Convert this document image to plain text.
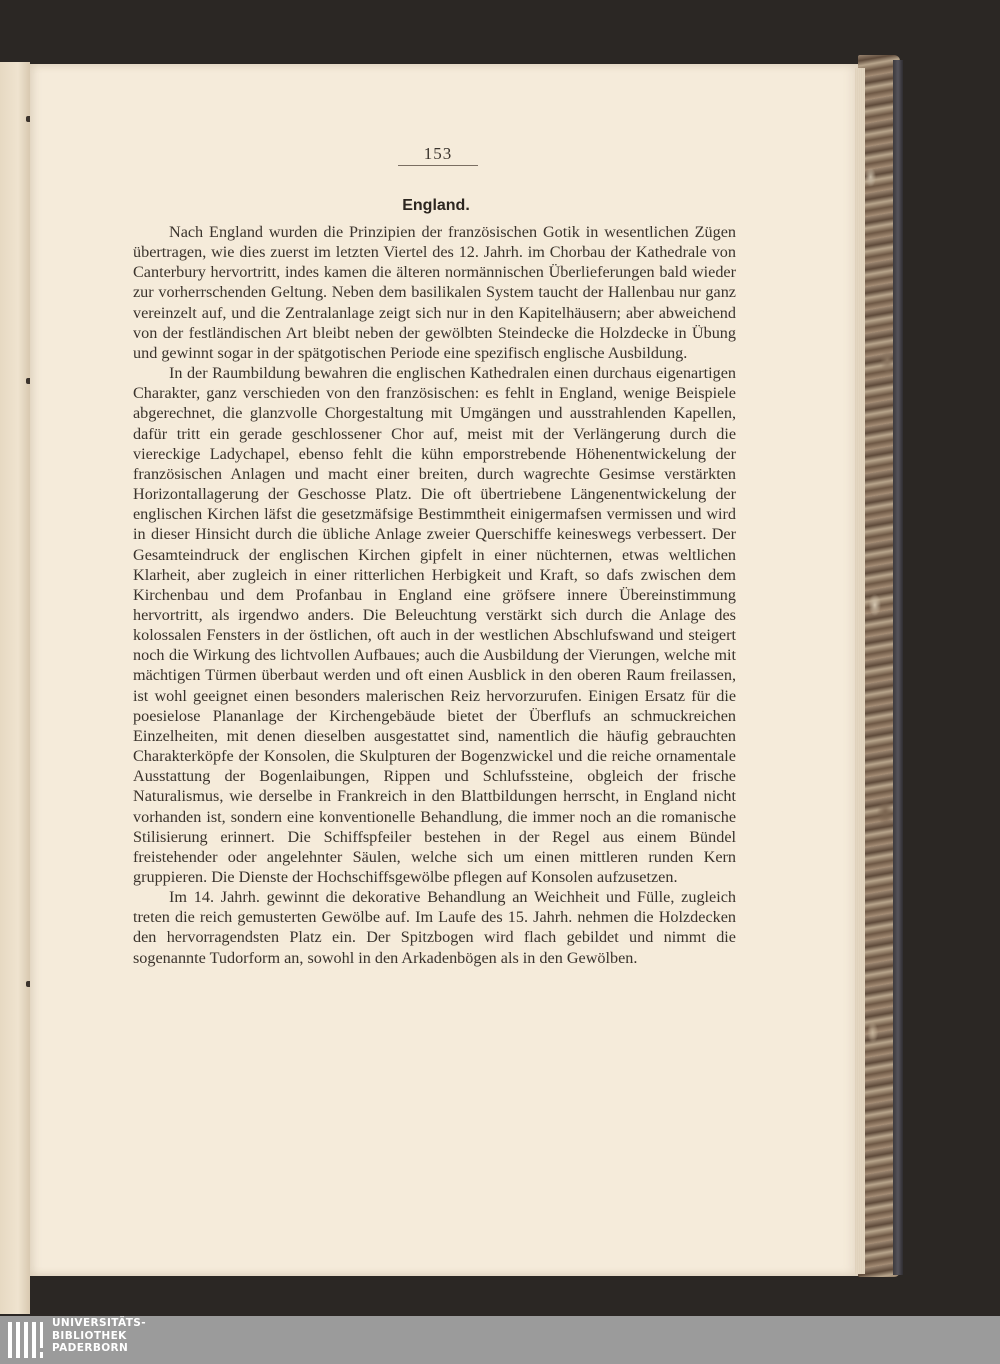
153
England.

Nach England wurden die Prinzipien der französischen Gotik in wesentlichen Zügen übertragen, wie dies zuerst im letzten Viertel des 12. Jahrh. im Chorbau der Kathedrale von Canterbury hervortritt, indes kamen die älteren normännischen Überlieferungen bald wieder zur vorherrschenden Geltung. Neben dem basilikalen System taucht der Hallenbau nur ganz vereinzelt auf, und die Zentralanlage zeigt sich nur in den Kapitelhäusern; aber abweichend von der festländischen Art bleibt neben der gewölbten Steindecke die Holzdecke in Übung und gewinnt sogar in der spätgotischen Periode eine spezifisch englische Ausbildung.

In der Raumbildung bewahren die englischen Kathedralen einen durchaus eigenartigen Charakter, ganz verschieden von den französischen: es fehlt in England, wenige Beispiele abgerechnet, die glanzvolle Chorgestaltung mit Umgängen und ausstrahlenden Kapellen, dafür tritt ein gerade geschlossener Chor auf, meist mit der Verlängerung durch die viereckige Ladychapel, ebenso fehlt die kühn emporstrebende Höhenentwickelung der französischen Anlagen und macht einer breiten, durch wagrechte Gesimse verstärkten Horizontallagerung der Geschosse Platz. Die oft übertriebene Längenentwickelung der englischen Kirchen läfst die gesetzmäfsige Bestimmtheit einigermafsen vermissen und wird in dieser Hinsicht durch die übliche Anlage zweier Querschiffe keineswegs verbessert. Der Gesamteindruck der englischen Kirchen gipfelt in einer nüchternen, etwas weltlichen Klarheit, aber zugleich in einer ritterlichen Herbigkeit und Kraft, so dafs zwischen dem Kirchenbau und dem Profanbau in England eine gröfsere innere Übereinstimmung hervortritt, als irgendwo anders. Die Beleuchtung verstärkt sich durch die Anlage des kolossalen Fensters in der östlichen, oft auch in der westlichen Abschlufswand und steigert noch die Wirkung des lichtvollen Aufbaues; auch die Ausbildung der Vierungen, welche mit mächtigen Türmen überbaut werden und oft einen Ausblick in den oberen Raum freilassen, ist wohl geeignet einen besonders malerischen Reiz hervorzurufen. Einigen Ersatz für die poesielose Plananlage der Kirchengebäude bietet der Überflufs an schmuckreichen Einzelheiten, mit denen dieselben ausgestattet sind, namentlich die häufig gebrauchten Charakterköpfe der Konsolen, die Skulpturen der Bogenzwickel und die reiche ornamentale Ausstattung der Bogenlaibungen, Rippen und Schlufssteine, obgleich der frische Naturalismus, wie derselbe in Frankreich in den Blattbildungen herrscht, in England nicht vorhanden ist, sondern eine konventionelle Behandlung, die immer noch an die romanische Stilisierung erinnert. Die Schiffspfeiler bestehen in der Regel aus einem Bündel freistehender oder angelehnter Säulen, welche sich um einen mittleren runden Kern gruppieren. Die Dienste der Hochschiffsgewölbe pflegen auf Konsolen aufzusetzen.

Im 14. Jahrh. gewinnt die dekorative Behandlung an Weichheit und Fülle, zugleich treten die reich gemusterten Gewölbe auf. Im Laufe des 15. Jahrh. nehmen die Holzdecken den hervorragendsten Platz ein. Der Spitzbogen wird flach gebildet und nimmt die sogenannte Tudorform an, sowohl in den Arkadenbögen als in den Gewölben.

UNIVERSITÄTS-
BIBLIOTHEK
PADERBORN
